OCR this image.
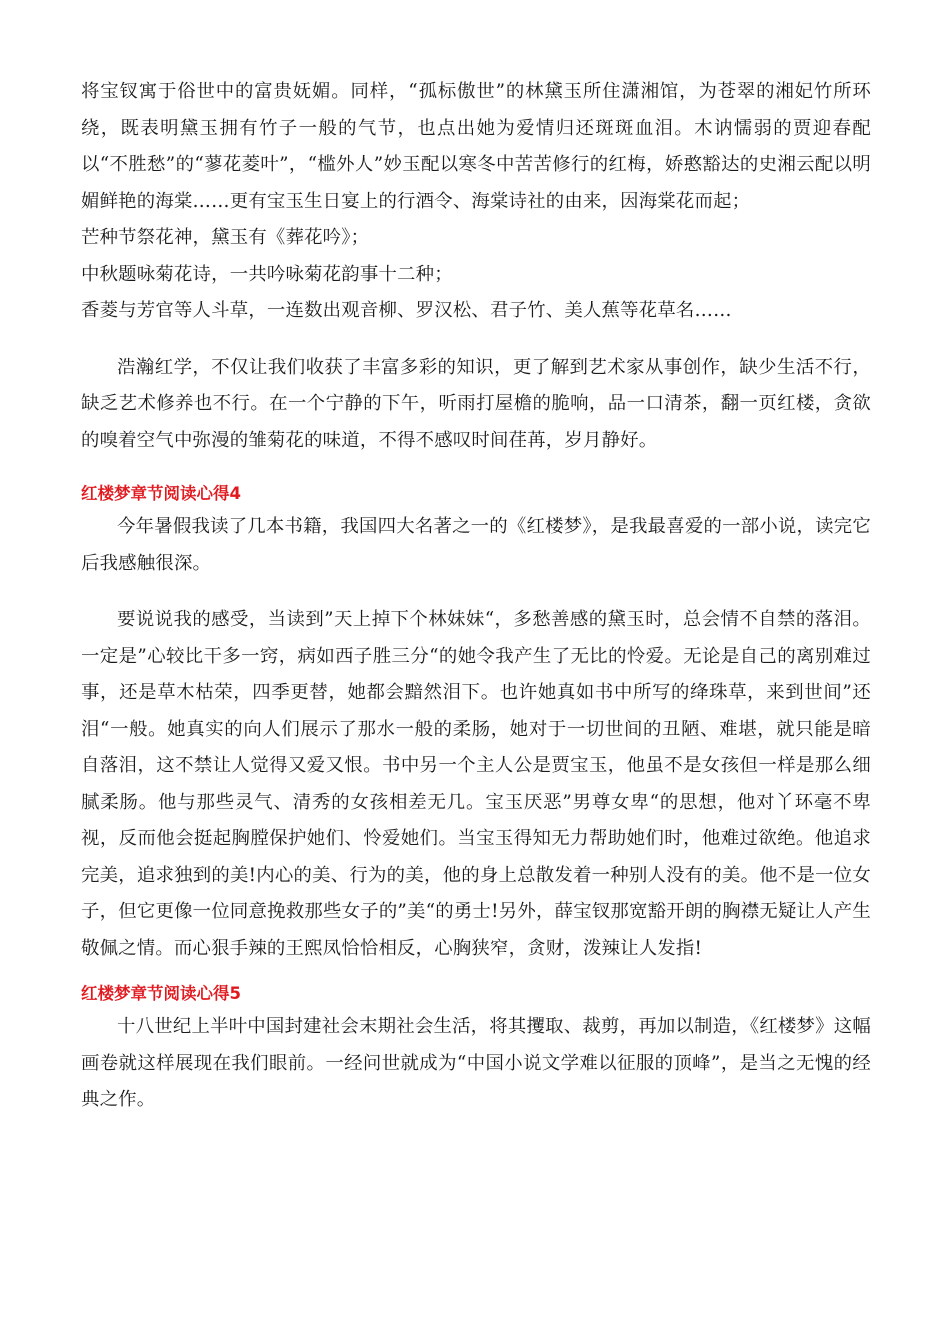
将宝钗寓于俗世中的富贵妩媚。同样，“孤标傲世”的林黛玉所住潇湘馆，为苍翠的湘妃竹所环绕，既表明黛玉拥有竹子一般的气节，也点出她为爱情归还斑斑血泪。木讷懦弱的贾迎春配以“不胜愁”的“蓼花菱叶”，“槛外人”妙玉配以寒冬中苦苦修行的红梅，娇憨豁达的史湘云配以明媚鲜艳的海棠……更有宝玉生日宴上的行酒令、海棠诗社的由来，因海棠花而起；

芒种节祭花神，黛玉有《葬花吟》；

中秋题咏菊花诗，一共吟咏菊花韵事十二种；

香菱与芳官等人斗草，一连数出观音柳、罗汉松、君子竹、美人蕉等花草名……

浩瀚红学，不仅让我们收获了丰富多彩的知识，更了解到艺术家从事创作，缺少生活不行，缺乏艺术修养也不行。在一个宁静的下午，听雨打屋檐的脆响，品一口清茶，翻一页红楼，贪欲的嗅着空气中弥漫的雏菊花的味道，不得不感叹时间荏苒，岁月静好。

红楼梦章节阅读心得4

今年暑假我读了几本书籍，我国四大名著之一的《红楼梦》，是我最喜爱的一部小说，读完它后我感触很深。

要说说我的感受，当读到”天上掉下个林妹妹“，多愁善感的黛玉时，总会情不自禁的落泪。一定是”心较比干多一窍，病如西子胜三分“的她令我产生了无比的怜爱。无论是自己的离别难过事，还是草木枯荣，四季更替，她都会黯然泪下。也许她真如书中所写的绛珠草，来到世间”还泪“一般。她真实的向人们展示了那水一般的柔肠，她对于一切世间的丑陋、难堪，就只能是暗自落泪，这不禁让人觉得又爱又恨。书中另一个主人公是贾宝玉，他虽不是女孩但一样是那么细腻柔肠。他与那些灵气、清秀的女孩相差无几。宝玉厌恶”男尊女卑“的思想，他对丫环毫不卑视，反而他会挺起胸膛保护她们、怜爱她们。当宝玉得知无力帮助她们时，他难过欲绝。他追求完美，追求独到的美!内心的美、行为的美，他的身上总散发着一种别人没有的美。他不是一位女子，但它更像一位同意挽救那些女子的”美“的勇士!另外，薛宝钗那宽豁开朗的胸襟无疑让人产生敬佩之情。而心狠手辣的王熙凤恰恰相反，心胸狭窄，贪财，泼辣让人发指!

红楼梦章节阅读心得5

十八世纪上半叶中国封建社会末期社会生活，将其攫取、裁剪，再加以制造，《红楼梦》这幅画卷就这样展现在我们眼前。一经问世就成为“中国小说文学难以征服的顶峰”，是当之无愧的经典之作。
